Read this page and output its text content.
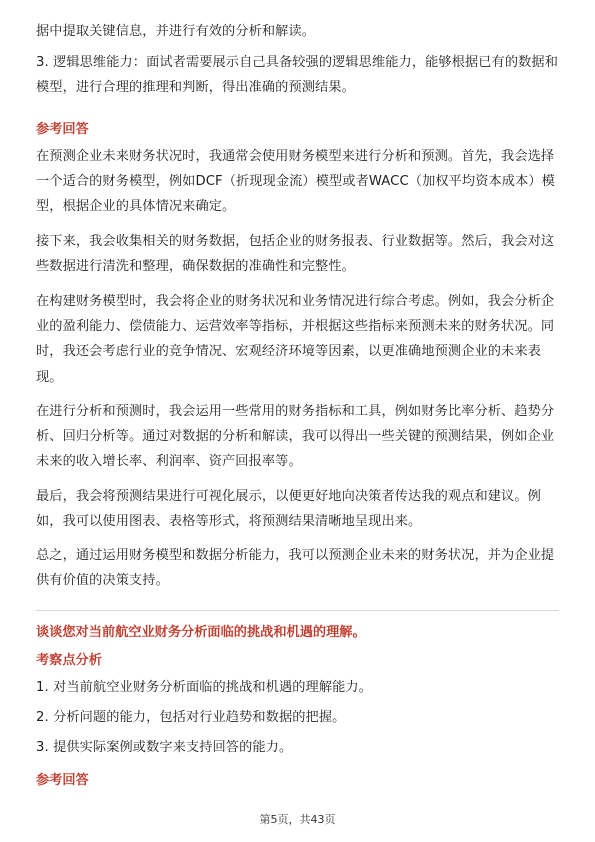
据中提取关键信息，并进行有效的分析和解读。
3. 逻辑思维能力：面试者需要展示自己具备较强的逻辑思维能力，能够根据已有的数据和模型，进行合理的推理和判断，得出准确的预测结果。
参考回答
在预测企业未来财务状况时，我通常会使用财务模型来进行分析和预测。首先，我会选择一个适合的财务模型，例如DCF（折现现金流）模型或者WACC（加权平均资本成本）模型，根据企业的具体情况来确定。
接下来，我会收集相关的财务数据，包括企业的财务报表、行业数据等。然后，我会对这些数据进行清洗和整理，确保数据的准确性和完整性。
在构建财务模型时，我会将企业的财务状况和业务情况进行综合考虑。例如，我会分析企业的盈利能力、偿债能力、运营效率等指标，并根据这些指标来预测未来的财务状况。同时，我还会考虑行业的竞争情况、宏观经济环境等因素，以更准确地预测企业的未来表现。
在进行分析和预测时，我会运用一些常用的财务指标和工具，例如财务比率分析、趋势分析、回归分析等。通过对数据的分析和解读，我可以得出一些关键的预测结果，例如企业未来的收入增长率、利润率、资产回报率等。
最后，我会将预测结果进行可视化展示，以便更好地向决策者传达我的观点和建议。例如，我可以使用图表、表格等形式，将预测结果清晰地呈现出来。
总之，通过运用财务模型和数据分析能力，我可以预测企业未来的财务状况，并为企业提供有价值的决策支持。
谈谈您对当前航空业财务分析面临的挑战和机遇的理解。
考察点分析
1. 对当前航空业财务分析面临的挑战和机遇的理解能力。
2. 分析问题的能力，包括对行业趋势和数据的把握。
3. 提供实际案例或数字来支持回答的能力。
参考回答
第5页，共43页
